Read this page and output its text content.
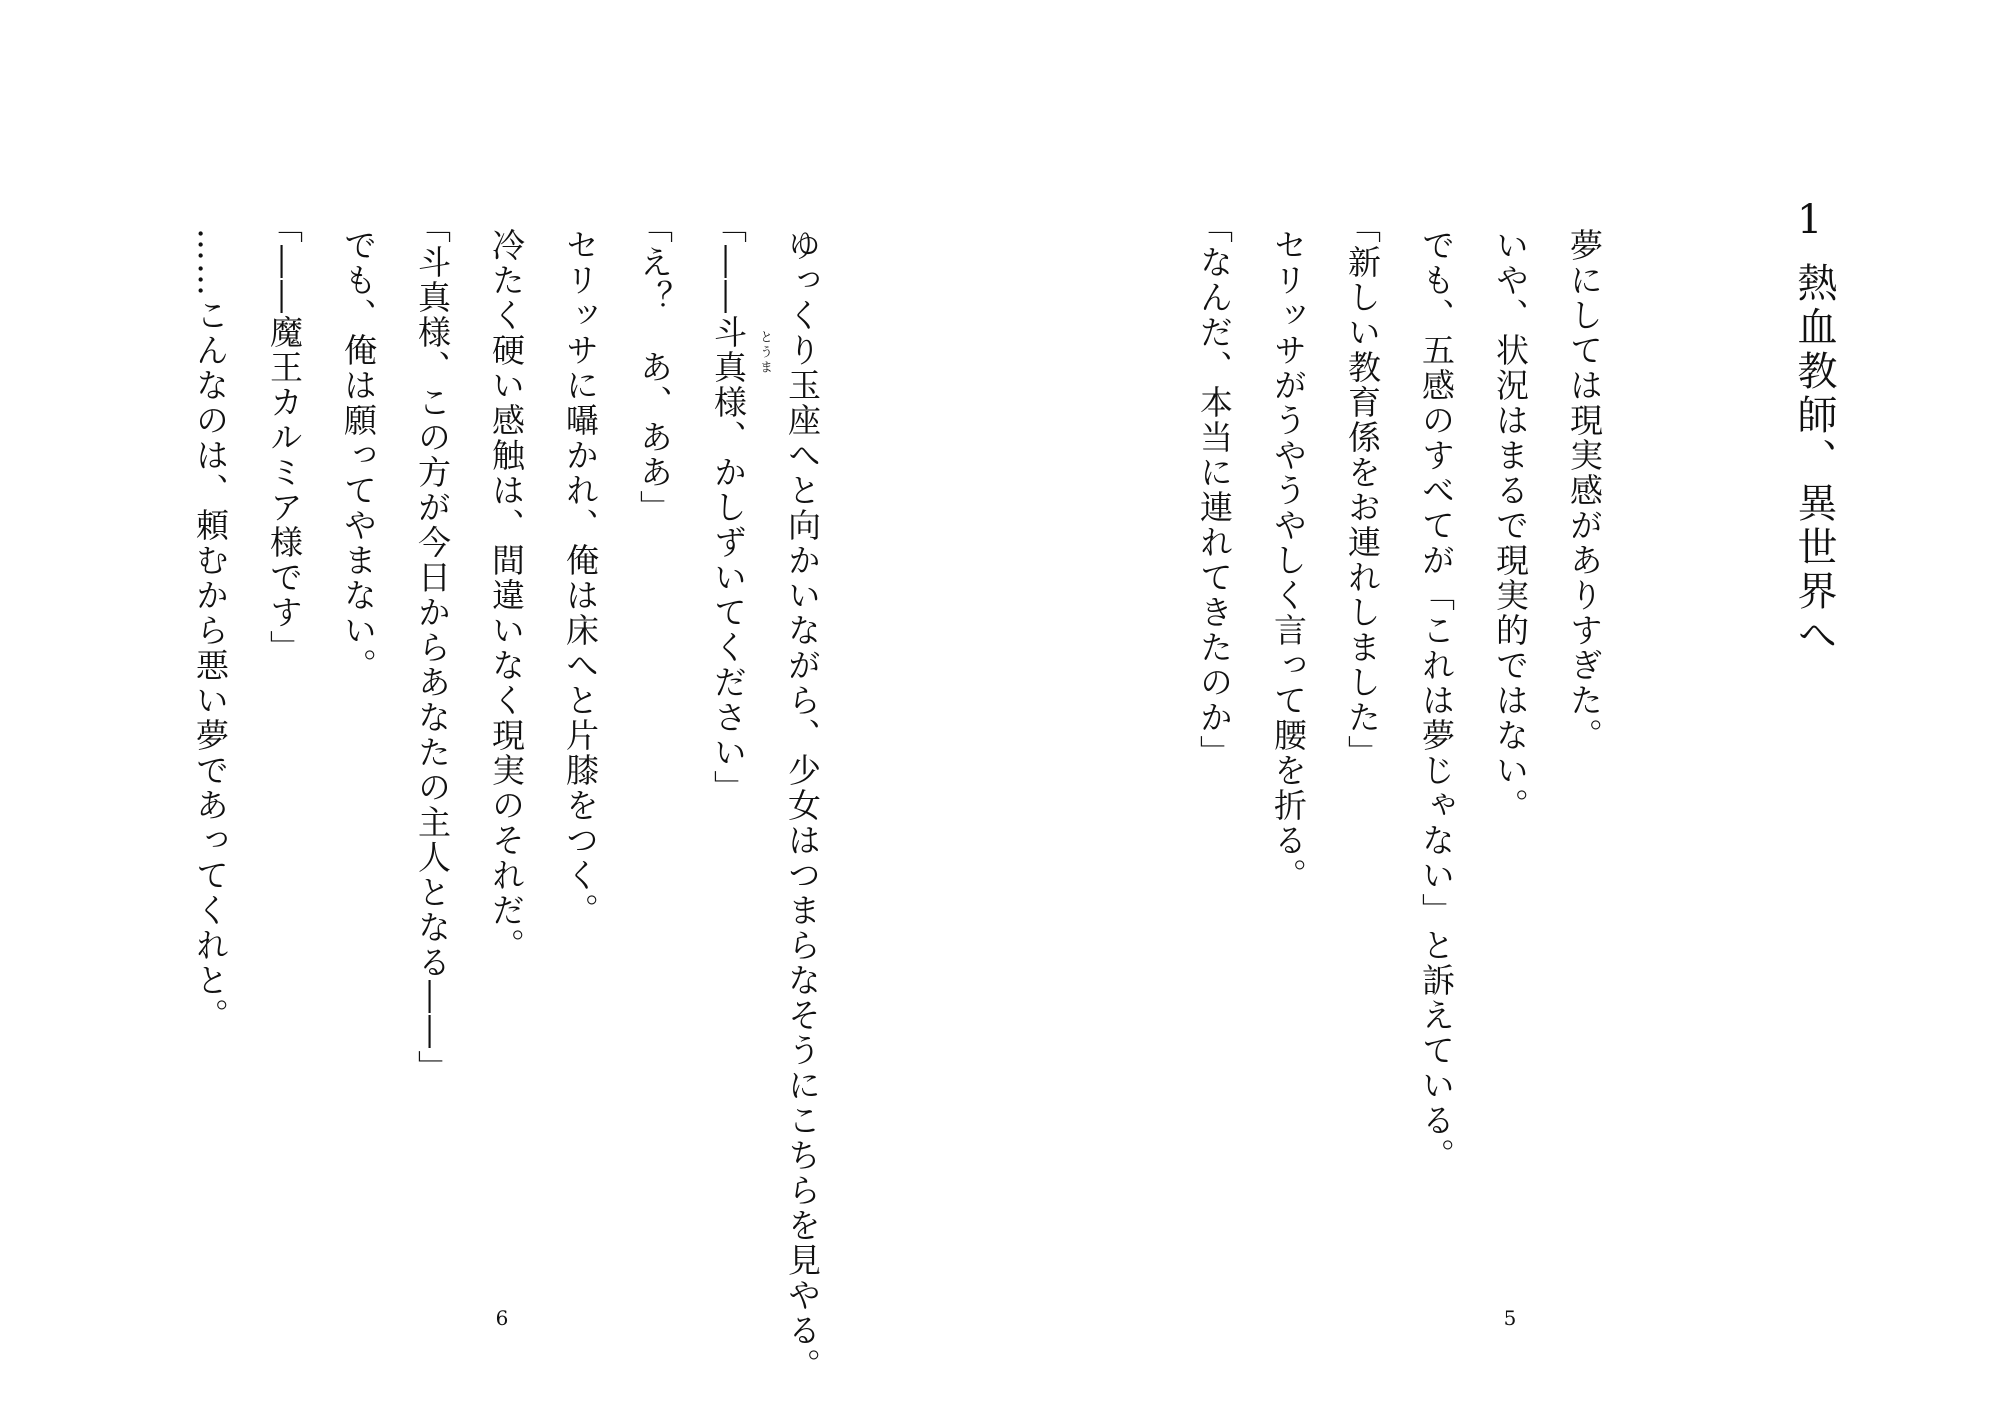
1
熱血教師、異世界へ
夢にしては現実感がありすぎた。
いや、状況はまるで現実的ではない。
でも、五感のすべてが「これは夢じゃない」と訴えている。
「新しい教育係をお連れしました」
セリッサがうやうやしく言って腰を折る。
「なんだ、本当に連れてきたのか」
5
ゆっくり玉座へと向かいながら、少女はつまらなそうにこちらを見やる。
とうま
「――斗真様、かしずいてください」
「え？　あ、ああ」
セリッサに囁かれ、俺は床へと片膝をつく。
冷たく硬い感触は、間違いなく現実のそれだ。
「斗真様、この方が今日からあなたの主人となる――」
でも、俺は願ってやまない。
「――魔王カルミア様です」
……こんなのは、頼むから悪い夢であってくれと。
6
